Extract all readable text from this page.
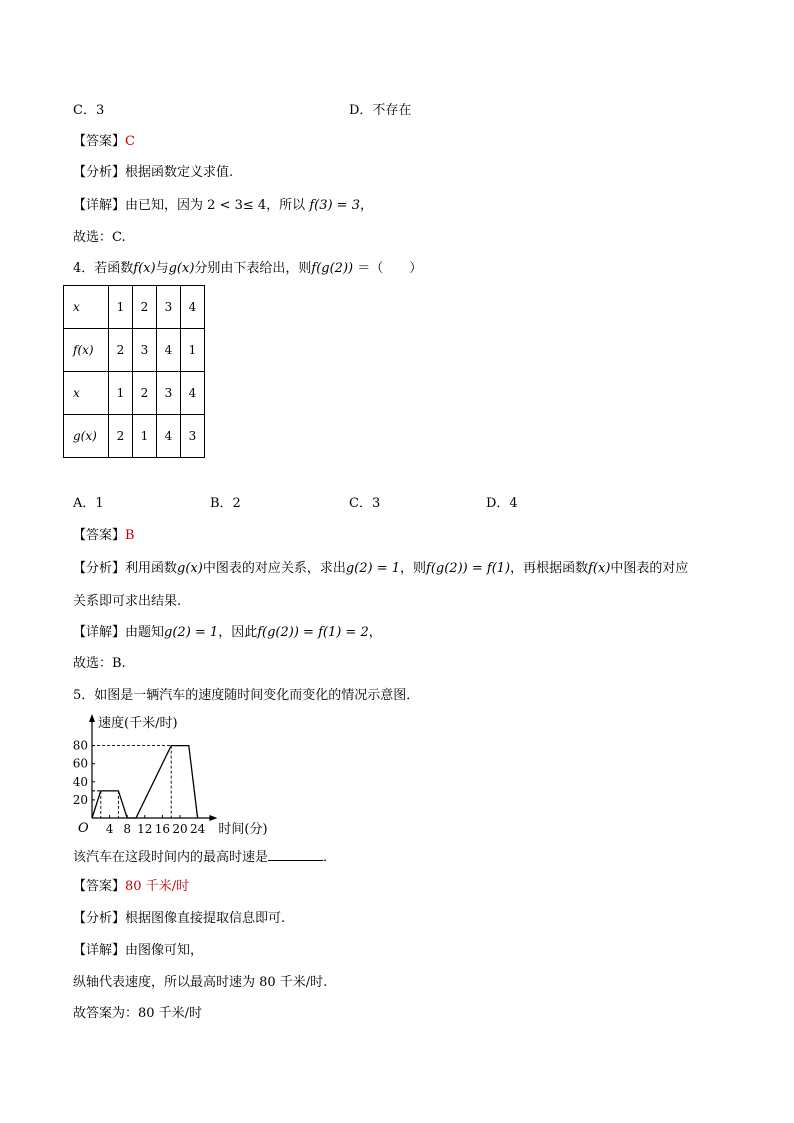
C．3	D．不存在
【答案】C
【分析】根据函数定义求值.
【详解】由已知，因为 2 < 3≤ 4，所以 f(3) = 3，
故选：C.
4．若函数f(x)与g(x)分别由下表给出，则f(g(2)) ＝（　　）
x	1	2	3	4
f(x)	2	3	4	1
x	1	2	3	4
g(x)	2	1	4	3
A．1	B．2	C．3	D．4
【答案】B
【分析】利用函数g(x)中图表的对应关系，求出g(2) = 1，则f(g(2)) = f(1)，再根据函数f(x)中图表的对应
关系即可求出结果.
【详解】由题知g(2) = 1，因此f(g(2)) = f(1) = 2，
故选：B.
5．如图是一辆汽车的速度随时间变化而变化的情况示意图．
速度(千米/时)
时间(分)
O 4 8 12 16 20 24
20
40
60
80
该汽车在这段时间内的最高时速是	．
【答案】80 千米/时
【分析】根据图像直接提取信息即可.
【详解】由图像可知，
纵轴代表速度，所以最高时速为 80 千米/时.
故答案为：80 千米/时
